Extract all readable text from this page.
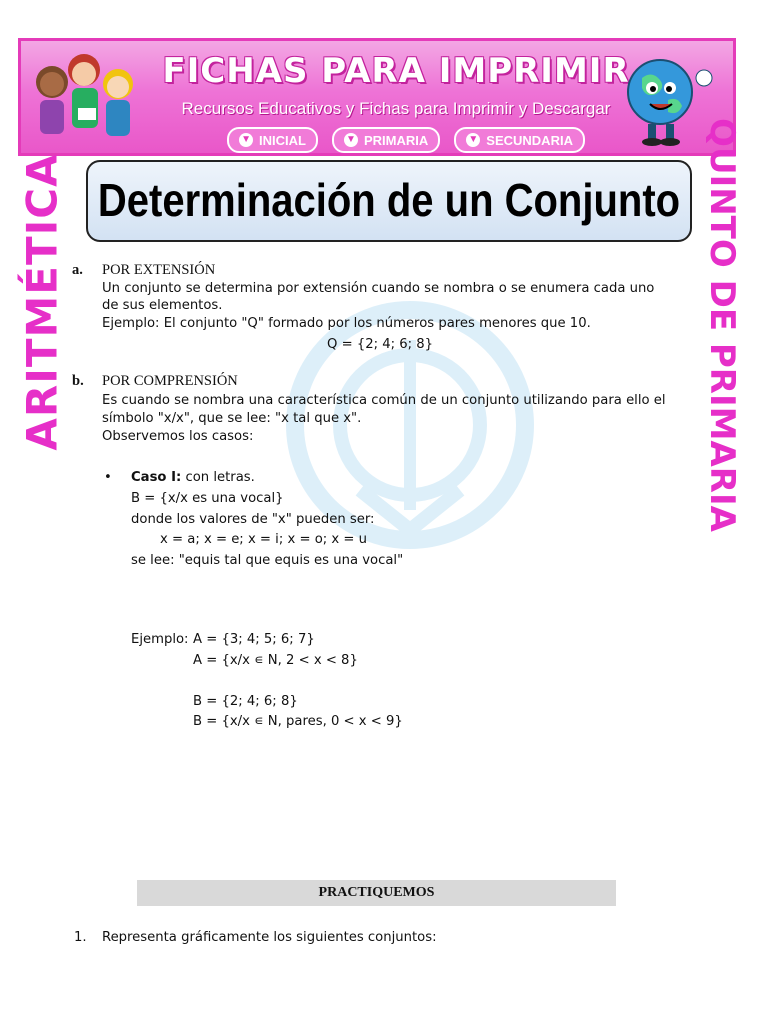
FICHAS PARA IMPRIMIR
Recursos Educativos y Fichas para Imprimir y Descargar
▼ INICIAL	▼ PRIMARIA	▼ SECUNDARIA
ARITMÉTICA	QUINTO DE PRIMARIA
Determinación de un Conjunto
a. POR EXTENSIÓN
Un conjunto se determina por extensión cuando se nombra o se enumera cada uno
de sus elementos.
Ejemplo: El conjunto "Q" formado por los números pares menores que 10.
Q = {2; 4; 6; 8}
b. POR COMPRENSIÓN
Es cuando se nombra una característica común de un conjunto utilizando para ello el
símbolo "x/x", que se lee: "x tal que x".
Observemos los casos:
• Caso I: con letras.
B = {x/x es una vocal}
donde los valores de "x" pueden ser:
x = a; x = e; x = i; x = o; x = u
se lee: "equis tal que equis es una vocal"
Ejemplo: A = {3; 4; 5; 6; 7}
A = {x/x ∊ N, 2 < x < 8}
B = {2; 4; 6; 8}
B = {x/x ∊ N, pares, 0 < x < 9}
PRACTIQUEMOS
1. Representa gráficamente los siguientes conjuntos:
